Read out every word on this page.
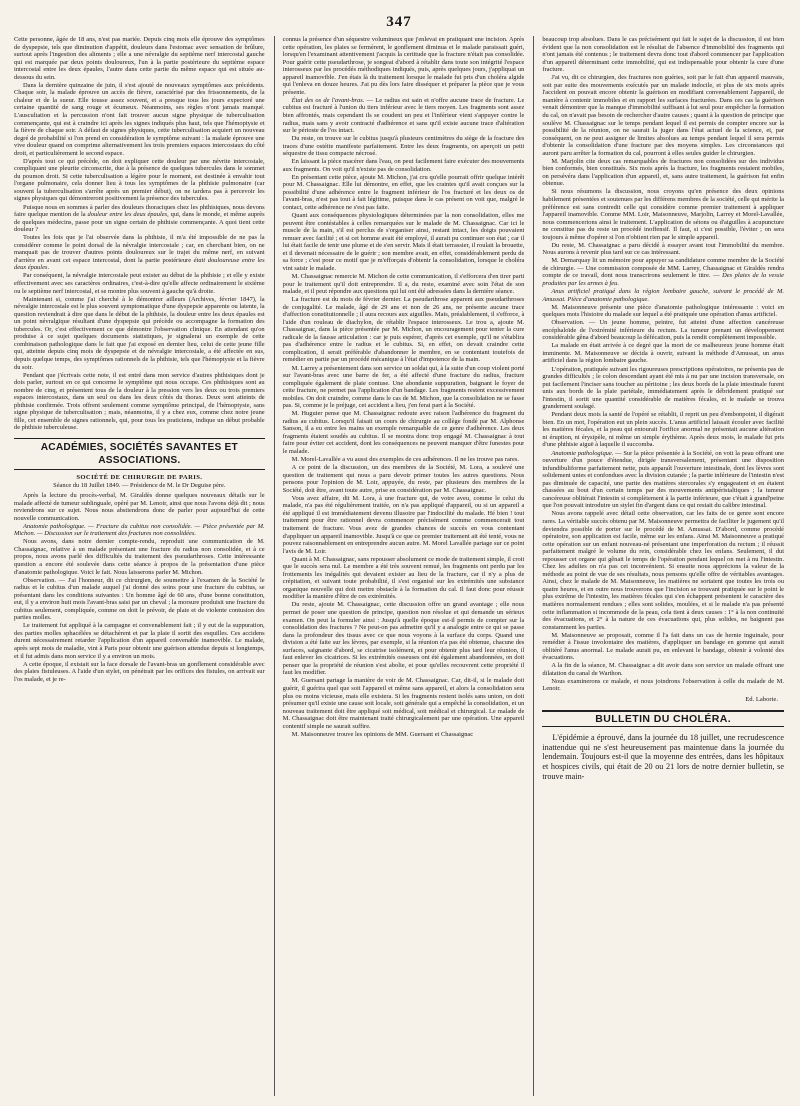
347

Cette personne, âgée de 18 ans, n'est pas mariée. Depuis cinq mois elle éprouve des symptômes de dyspepsie, tels que diminution d'appétit, douleurs dans l'estomac avec sensation de brûlure, surtout après l'ingestion des aliments ; elle a une névralgie du septième nerf intercostal gauche qui est marquée par deux points douloureux, l'un à la partie postérieure du septième espace intercostal entre les deux épaules, l'autre dans cette partie du même espace qui est située au-dessous du sein.

Dans la dernière quinzaine de juin, il s'est ajouté de nouveaux symptômes aux précédents. Chaque soir, la malade éprouve un accès de fièvre, caractérisé par des frissonnements, de la chaleur et de la sueur. Elle tousse assez souvent, et a presque tous les jours expectoré une certaine quantité de sang rouge et écumeux. Néanmoins, ses règles n'ont jamais manqué. L'auscultation et la percussion n'ont fait trouver aucun signe physique de tuberculisation commençante, qui est à craindre ici après les signes indiqués plus haut, tels que l'hémoptysie et la fièvre de chaque soir. A défaut de signes physiques, cette tuberculisation acquiert un nouveau degré de probabilité si l'on prend en considération le symptôme suivant : la malade éprouve une vive douleur quand on comprime alternativement les trois premiers espaces intercostaux du côté droit, et particulièrement le second espace.

D'après tout ce qui précède, on doit expliquer cette douleur par une névrite intercostale, compliquant une pleurite circonscrite, due à la présence de quelques tubercules dans le sommet du poumon droit. Si cette tuberculisation a légère pour le moment, est destinée à envahir tout l'organe pulmonaire, cela donner lieu à tous les symptômes de la phthisie pulmonaire (car souvent la tuberculisation s'arrête après un premier début), on ne tardera pas à percevoir les signes physiques qui démontreront positivement la présence des tubercules.

Puisque nous en sommes à parler des douleurs thoraciques chez les phthisiques, nous devons faire quelque mention de la douleur entre les deux épaules, qui, dans le monde, et même auprès de quelques médecins, passe pour un signe certain de phthisie commençante. A quoi tient cette douleur ?

Toutes les fois que je l'ai observée dans la phthisie, il m'a été impossible de ne pas la considérer comme le point dorsal de la névralgie intercostale ; car, en cherchant bien, on ne manquait pas de trouver d'autres points douloureux sur le trajet du même nerf, en suivant d'arrière en avant cet espace intercostal, dont la partie postérieure était douloureuse entre les deux épaules.

Par conséquent, la névralgie intercostale peut exister au début de la phthisie ; et elle y existe effectivement avec ses caractères ordinaires, c'est-à-dire qu'elle affecte ordinairement le sixième ou le septième nerf intercostal, et se montre plus souvent à gauche qu'à droite.

Maintenant si, comme j'ai cherché à le démontrer ailleurs (Archives, février 1847), la névralgie intercostale est le plus souvent symptomatique d'une dyspepsie apparente ou latente, la question reviendrait à dire que dans le début de la phthisie, la douleur entre les deux épaules est un point névralgique résultant d'une dyspepsie qui précède ou accompagne la formation des tubercules. Or, c'est effectivement ce que démontre l'observation clinique. En attendant qu'on produise à ce sujet quelques documents statistiques, je signalerai un exemple de cette combinaison pathologique dans le fait que j'ai exposé en dernier lieu, celui de cette jeune fille qui, atteinte depuis cinq mois de dyspepsie et de névralgie intercostale, a été affectée en sus, depuis quelque temps, des symptômes rationnels de la phthisie, tels que l'hémoptysie et la fièvre du soir.

Pendant que j'écrivais cette note, il est entré dans mon service d'autres phthisiques dont je dois parler, surtout en ce qui concerne le symptôme qui nous occupe. Ces phthisiques sont au nombre de cinq, et présentent tous de la douleur à la pression vers les deux ou trois premiers espaces intercostaux, dans un seul ou dans les deux côtés du thorax. Deux sont atteints de phthisie confirmée. Trois offrent seulement comme symptôme principal, de l'hémoptysie, sans signe physique de tuberculisation ; mais, néanmoins, il y a chez eux, comme chez notre jeune fille, cet ensemble de signes rationnels, qui, pour tous les praticiens, indique un début probable de phthisie tuberculeuse.

ACADÉMIES, SOCIÉTÉS SAVANTES ET ASSOCIATIONS.
SOCIÉTÉ DE CHIRURGIE DE PARIS.
Séance du 18 Juillet 1849. — Présidence de M. le Dr Deguise père.

Après la lecture du procès-verbal, M. Giraldès donne quelques nouveaux détails sur le malade affecté de tumeur sublinguale, opéré par M. Lenoir, ainsi que nous l'avons déjà dit ; nous reviendrons sur ce sujet. Nous nous abstiendrons donc de parler pour aujourd'hui de cette nouvelle communication.

Anatomie pathologique. — Fracture du cubitus non consolidée. — Pièce présentée par M. Michon. — Discussion sur le traitement des fractures non consolidées.

Nous avons, dans notre dernier compte-rendu, reproduit une communication de M. Chassaignac, relative à un malade présentant une fracture du radius non consolidée, et à ce propos, nous avons parlé des difficultés du traitement des pseudarthroses. Cette intéressante question a encore été soulevée dans cette séance à propos de la présentation d'une pièce d'anatomie pathologique. Voici le fait. Nous laisserons parler M. Michon.

Observation. — J'ai l'honneur, dit ce chirurgien, de soumettre à l'examen de la Société le radius et le cubitus d'un malade auquel j'ai donné des soins pour une fracture du cubitus, se présentant dans les conditions suivantes : Un homme âgé de 60 ans, d'une bonne constitution, eut, il y a environ huit mois l'avant-bras saisi par un cheval ; la morsure produisit une fracture du cubitus seulement, compliquée, comme on doit le prévoir, de plaie et de violente contusion des parties molles.

Le traitement fut appliqué à la campagne et convenablement fait ; il y eut de la suppuration, des parties molles sphacélées se détachèrent et par la plaie il sortit des esquilles. Ces accidens durent nécessairement retarder l'application d'un appareil convenable inamovible. Le malade, après sept mois de maladie, vint à Paris pour obtenir une guérison attendue depuis si longtemps, et il fut admis dans mon service il y a environ un mois.

A cette époque, il existait sur la face dorsale de l'avant-bras un gonflement considérable avec des plaies fistuleuses. A l'aide d'un stylet, on pénétrait par les orifices des fistules, on arrivait sur l'os malade, et je re-

connus la présence d'un séquestre volumineux que j'enlevai en pratiquant une incision. Après cette opération, les plaies se fermèrent, le gonflement diminua et le malade paraissait guéri, lorsqu'en l'examinant attentivement j'acquis la certitude que la fracture n'était pas consolidée. Pour guérir cette pseudarthrose, je songeai d'abord à rétablir dans toute son intégrité l'espace interosseux par les procédés méthodiques indiqués, puis, après quelques jours, j'appliquai un appareil inamovible. J'en étais là du traitement lorsque le malade fut pris d'un choléra algide qui l'enleva en douze heures. J'ai pu dès lors faire disséquer et préparer la pièce que je vous présente.

État des os de l'avant-bras. — Le radius est sain et n'offre aucune trace de fracture. Le cubitus est fracturé à l'union du tiers inférieur avec le tiers moyen. Les fragments sont assez bien affrontés, mais cependant ils se coudent un peu et l'inférieur vient s'appuyer contre le radius, mais sans y avoir contracté d'adhérence et sans qu'il existe aucune trace d'altération sur le périoste de l'os intact.

Du reste, on trouve sur le cubitus jusqu'à plusieurs centimètres du siège de la fracture des traces d'une ostéite manifeste parfaitement. Entre les deux fragments, on aperçoit un petit séquestre de tissu compacte nécrosé.

En laissant la pièce macérer dans l'eau, on peut facilement faire exécuter des mouvements aux fragments. On voit qu'il n'existe pas de consolidation.

En présentant cette pièce, ajoute M. Michon, j'ai cru qu'elle pourrait offrir quelque intérêt pour M. Chassaignac. Elle lui démontre, en effet, que les craintes qu'il avait conçues sur la possibilité d'une adhérence entre le fragment inférieur de l'os fracturé et les deux os de l'avant-bras, n'est pas tout à fait légitime, puisque dans le cas présent on voit que, malgré le contact, cette adhérence ne s'est pas faite.

Quant aux conséquences physiologiques déterminées par la non consolidation, elles me peuvent être contéstables à celles remarquées sur le malade de M. Chassaignac. Car ici le muscle de la main, s'il est perclus de s'organiser ainsi, restant intact, les doigts pouvaient remuer avec facilité ; et si cet homme avait été employé, il aurait pu continuer son état ; car il lui était facile de tenir une plume et de s'en servir. Mais il était terrassier, il roulait la brouette, et il devenait nécessaire de le guérir ; son membre avait, en effet, considérablement perdu de sa force ; c'est pour ce motif que je m'efforçais d'obtenir la consolidation, lorsque le choléra vint saisir le malade.

M. Chassaignac remercie M. Michon de cette communication, il s'efforcera d'en tirer parti pour le traitement qu'il doit entreprendre. Il a, du reste, examiné avec soin l'état de son malade, et il peut répondre aux questions qui lui ont été adressées dans la dernière séance.

La fracture est du mois de février dernier. La pseudarthrose apparent aux pseudarthroses de conjugalité. Le malade, âgé de 29 ans et non de 26 ans, ne présente aucune trace d'affection constitutionnelle ; il aura recours aux aiguilles. Mais, préalablement, il s'efforce, à l'aide d'un rouleau de diachylon, de rétablir l'espace interosseux. Le trou a, ajoute M. Chassaignac, dans la pièce présentée par M. Michon, un encouragement pour tenter la cure radicale de la fausse articulation : car je puis espérer, d'après cet exemple, qu'il ne s'établira pas d'adhérence entre le radius et le cubitus. Si, en effet, on devait craindre cette complication, il serait préférable d'abandonner le membre, en se contentant toutefois de remédier en partie par un procédé mécanique à l'état d'impotence de la main.

M. Larrey a présentement dans son service un soldat qui, à la suite d'un coup violent porté sur l'avant-bras avec une barre de fer, a été affecté d'une fracture du radius, fracture compliquée également de plaie contuse. Une abondante suppuration, baignant le foyer de cette fracture, ne permet pas l'application d'un bandage. Les fragments restent excessivement mobiles. On doit craindre, comme dans le cas de M. Michon, que la consolidation ne se fasse pas. Si, comme je le préjuge, cet accident a lieu, j'en ferai part à la Société.

M. Huguier pense que M. Chassaignac redoute avec raison l'adhérence du fragment du radius au cubitus. Lorsqu'il faisait un cours de chirurgie au collège fondé par M. Alphonse Sanson, il a eu entre les mains un exemple remarquable de ce genre d'adhérence. Les deux fragments étaient soudés au cubitus. Il se montra donc trop engagé M. Chassaignac à tout faire pour éviter cet accident, dont les conséquences ne peuvent manquer d'être funestes pour le malade.

M. Morel-Lavallée a vu aussi des exemples de ces adhérences. Il ne les trouve pas rares.

A ce point de la discussion, un des membres de la Société, M. Lora, a soulevé une question de traitement qui nous a paru devoir primer toutes les autres questions. Nous pensons pour l'opinion de M. Loir, appuyée, du reste, par plusieurs des membres de la Société, doit être, avant toute autre, prise en considération par M. Chassaignac.

Vous avez affaire, dit M. Lora, à une fracture qui, de votre aveu, comme le celui du malade, n'a pas été régulièrement traitée, on n'a pas appliqué d'appareil, ou si un appareil a été appliqué il est immédiatement devenu illusoire par l'indocilité du malade. Hé bien ! tout traitement pour être rationnel devra commencer précisément comme commencerait tout traitement de fracture. Vous avez de grandes chances de succès en vous contentant d'appliquer un appareil inamovible. Jusqu'à ce que ce premier traitement ait été tenté, vous ne pouvez raisonnablement en entreprendre aucun autre. M. Morel Lavallée partage sur ce point l'avis de M. Loir.

Quant à M. Chassaignac, sans repousser absolument ce mode de traitement simple, il croit que le succès sera nul. Le membre a été très souvent remué, les fragments ont perdu par les frottements les inégalités qui devaient exister au lieu de la fracture, car il n'y a plus de crépitation, et suivant toute probabilité, il s'est organisé sur les extrémités une substance organique nouvelle qui doit mettre obstacle à la formation du cal. Il faut donc pour réussir modifier la manière d'être de ces extrémités.

Du reste, ajoute M. Chassaignac, cette discussion offre un grand avantage ; elle nous permet de poser une question de principe, question non résolue et qui demande un sérieux examen. On peut la formuler ainsi : Jusqu'à quelle époque est-il permis de compter sur la consolidation des fractures ? Ne peut-on pas admettre qu'il y a analogie entre ce qui se passe dans la profondeur des tissus avec ce que nous voyons à la surface du corps. Quand une division a été faite sur les lèvres, par exemple, si la réunion n'a pas été obtenue, chacune des surfaces, saignante d'abord, se cicatrise isolément, et pour obtenir plus tard leur réunion, il faut enlever les cicatrices. Si les extrémités osseuses ont été également abandonnées, on doit penser que la propriété de réunion s'est abolie, et pour qu'elles recouvrent cette propriété il faut les modifier.

M. Guersant partage la manière de voir de M. Chassaignac. Car, dit-il, si le malade doit guérir, il guérira quel que soit l'appareil et même sans appareil, et alors la consolidation sera plus ou moins vicieuse, mais elle existera. Si les fragments restent isolés sans union, on doit présumer qu'il existe une cause soit locale, soit générale qui a empêché la consolidation, et un nouveau traitement doit être appliqué soit médical, soit médical et chirurgical. Le malade de M. Chassaignac doit être maintenant traité chirurgicalement par une opération. Une appareil contentif simple ne saurait suffire.

M. Maisonneuve trouve les opinions de MM. Guersant et Chassaignac

beaucoup trop absolues. Dans le cas précisément qui fait le sujet de la discussion, il est bien évident que la non consolidation est le résultat de l'absence d'immobilité des fragments qui n'ont jamais été contenus ; le traitement devra donc tout d'abord commencer par l'application d'un appareil déterminant cette immobilité, qui est indispensable pour obtenir la cure d'une fracture.

J'ai vu, dit ce chirurgien, des fractures non guéries, soit par le fait d'un appareil mauvais, soit par suite des mouvements exécutés par un malade indocile, et plus de six mois après l'accident on pouvait encore obtenir la guérison en modifiant convenablement l'appareil, de manière à contenir immobiles et en rapport les surfaces fracturées. Dans ces cas la guérison venait démontrer que la manque d'immobilité suffisant à lui seul pour empêcher la formation du cal, on n'avait pas besoin de rechercher d'autre causes ; quant à la question de principe que soulève M. Chassaignac sur le temps pendant lequel il est permis de compter encore sur la possibilité de la réunion, on ne saurait la juger dans l'état actuel de la science, et, par conséquent, on ne peut assigner de limites absolues au temps pendant lequel il sera permis d'obtenir la consolidation d'une fracture par des moyens simples. Les circonstances qui auront paru arrêter la formation du cal, pourront à elles seules guider le chirurgien.

M. Marjolin cite deux cas remarquables de fractures non consolidées sur des individus bien conformés, bien constitués. Six mois après la fracture, les fragments restaient mobiles, on persévéra dans l'application d'un appareil, et, sans autre traitement, la guérison fut enfin obtenue.

Si nous résumons la discussion, nous croyons qu'en présence des deux opinions habilement présentées et soutenues par les différens membres de la société, celle qui mérite la préférence est sans contredit celle qui considère comme premier traitement à appliquer l'appareil inamovible. Comme MM. Loir, Maisonneuve, Marjolin, Larrey et Morel-Lavallée, nous commencerions ainsi le traitement. L'application de sétons ou d'aiguilles à acupuncture ne constitue pas du reste un procédé inoffensif. Il faut, si c'est possible, l'éviter ; on sera toujours à même d'opérer si l'on n'obtient rien par le simple appareil.

Du reste, M. Chassaignac a paru décidé à essayer avant tout l'immobilité du membre. Nous aurons à revenir plus tard sur ce cas intéressant.

M. Demarquay lit un mémoire pour appuyer sa candidature comme membre de la Société de chirurgie. — Une commission composée de MM. Larrey, Chassaignac et Giraldès rendra compte de ce travail, dont nous transcrirons seulement le titre. — Des plaies de la vessie produites par les armes à feu.

Anus artificiel pratiqué dans la région lombaire gauche, suivant le procédé de M. Amussat. Pièce d'anatomie pathologique.

M. Maisonneuve présente une pièce d'anatomie pathologique intéressante : voici en quelques mots l'histoire du malade sur lequel a été pratiquée une opération d'anus artificiel.

Observation. — Un jeune homme, peintre, fut atteint d'une affection cancéreuse encéphaloïde de l'extrémité inférieure du rectum. La tumeur prenant un développement considérable gêna d'abord beaucoup la défécation, puis la rendit complètement impossible.

La malade en était arrivée à ce degré que la mort de ce malheureux jeune homme était imminente. M. Maisonneuve se décida à ouvrir, suivant la méthode d'Amussat, un anus artificiel dans la région lombaire gauche.

L'opération, pratiquée suivant les rigoureuses prescriptions opératoires, ne présenta pas de grandes difficultés ; le colon descendant ayant été mis à nu par une incision transversale, on put facilement l'inciser sans toucher au péritoine ; les deux bords de la plaie intestinale furent unis aux bords de la plaie pariétale, immédiatement après le débridement pratiqué sur l'intestin, il sortit une quantité considérable de matières fécales, et le malade se trouva grandement soulagé.

Pendant deux mois la santé de l'opéré se rétablit, il reprit un peu d'embonpoint, il digérait bien. En un mot, l'opération eut un plein succès. L'anus artificiel laissait écouler avec facilité les matières fécales, et la peau qui entourait l'orifice anormal ne présentait aucune altération ni éruption, ni érysipèle, ni même un simple érythème. Après deux mois, le malade fut pris d'une phthisie aiguë à laquelle il succomba.

Anatomie pathologique. — Sur la pièce présentée à la Société, on voit la peau offrant une ouverture d'un pouce d'étendue, dirigée transversalement, présentant une disposition infundibuliforme parfaitement nette, puis apparaît l'ouverture intestinale, dont les lèvres sont solidement unies et confondues avec la division cutanée ; la partie inférieure de l'intestin n'est pas diminuée de capacité, une partie des matières stercorales s'y engageaient et en étaient chassées au bout d'un certain temps par des mouvements antipéristaltiques ; la tumeur cancéreuse oblitérait l'intestin si complètement à la partie inférieure, que c'était à grand'peine que l'on pouvait introduire un stylet fin d'argent dans ce qui restait du calibre intestinal.

Nous avons rappelé avec détail cette observation, car les faits de ce genre sont encore rares. La véritable succès obtenu par M. Maisonneuve permettra de faciliter le jugement qu'il deviendra possible de porter sur le procédé de M. Amussat. D'abord, comme procédé opératoire, son application est facile, même sur les enfans. Ainsi M. Maisonneuve a pratiqué cette opération sur un enfant nouveau-né présentant une imperforation du rectum ; il réussit parfaitement malgré le volume du rein, considérable chez les enfans. Seulement, il dut repousser cet organe qui gênait le temps de l'opération pendant lequel on met à nu l'intestin. Chez les adultes on n'a pas cet inconvénient. Si ensuite nous apprécions la valeur de la méthode au point de vue de ses résultats, nous pensons qu'elle offre de véritables avantages. Ainsi, chez le malade de M. Maisonneuve, les matières ne sortaient que toutes les trois ou quatre heures, et en outre nous trouverons que l'incision se trouvant pratiquée sur le point le plus extrême de l'intestin, les matières fécales qui s'en échappent présentent le caractère des matières normalement rendues ; elles sont solides, moulées, et si le malade n'a pas présenté cette inflammation si incommode de la peau, cela tient à deux causes : 1° à la non continuité des évacuations, et 2° à la nature de ces évacuations qui, plus solides, ne baignent pas constamment les parties.

M. Maisonneuve se proposait, comme il l'a fait dans un cas de hernie inguinale, pour remédier à l'issue involontaire des matières, d'appliquer un bandage en gomme qui aurait oblitéré l'anus anormal. Le malade aurait pu, en enlevant le bandage, obtenir à volonté des évacuations.

A la fin de la séance, M. Chassaignac a dit avoir dans son service un malade offrant une dilatation du canal de Warthon.

Nous examinerons ce malade, et nous joindrons l'observation à celle du malade de M. Lenoir.

Ed. Laborie.
BULLETIN DU CHOLÉRA.

L'épidémie a éprouvé, dans la journée du 18 juillet, une recrudescence inattendue qui ne s'est heureusement pas maintenue dans la journée du lendemain. Toujours est-il que la moyenne des entrées, dans les hôpitaux et hospices civils, qui était de 20 ou 21 lors de notre dernier bulletin, se trouve main-
